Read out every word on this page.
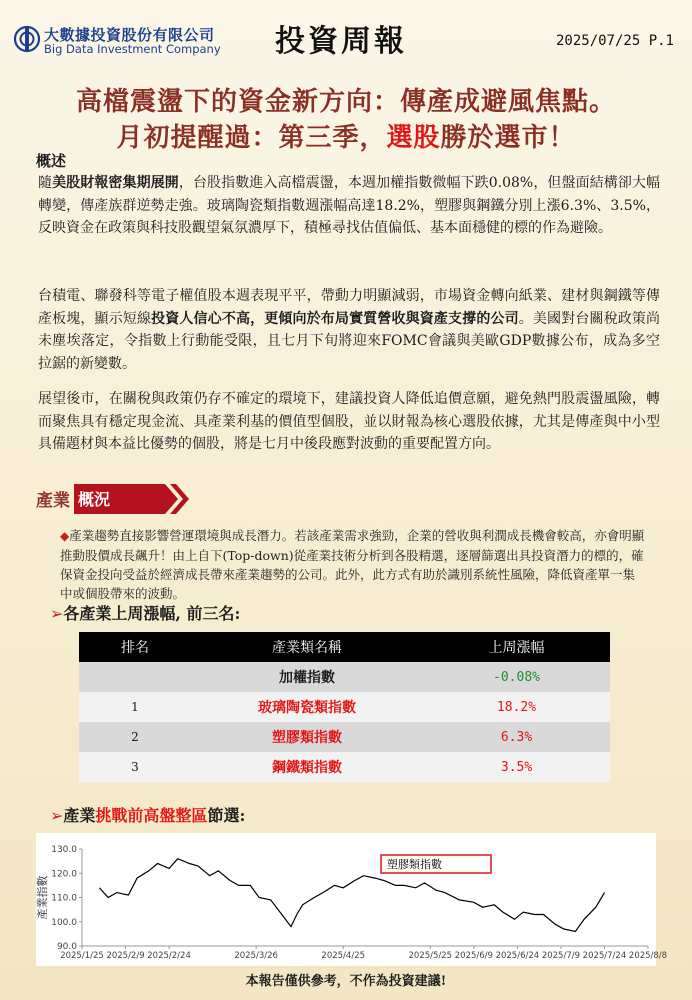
大數據投資股份有限公司
Big Data Investment Company 投資周報	2025/07/25 P.1
高檔震盪下的資金新方向：傳產成避風焦點。
月初提醒過：第三季，選股勝於選市！
概述
隨美股財報密集期展開，台股指數進入高檔震盪，本週加權指數微幅下跌0.08%，但盤面結構卻大幅轉變，傳產族群逆勢走強。玻璃陶瓷類指數週漲幅高達18.2%，塑膠與鋼鐵分別上漲6.3%、3.5%，反映資金在政策與科技股觀望氣氛濃厚下，積極尋找估值偏低、基本面穩健的標的作為避險。
台積電、聯發科等電子權值股本週表現平平，帶動力明顯減弱，市場資金轉向紙業、建材與鋼鐵等傳產板塊，顯示短線投資人信心不高，更傾向於布局實質營收與資產支撐的公司。美國對台關稅政策尚未塵埃落定，令指數上行動能受限，且七月下旬將迎來FOMC會議與美歐GDP數據公布，成為多空拉鋸的新變數。
展望後市，在關稅與政策仍存不確定的環境下，建議投資人降低追價意願，避免熱門股震盪風險，轉而聚焦具有穩定現金流、具產業利基的價值型個股，並以財報為核心選股依據，尤其是傳產與中小型具備題材與本益比優勢的個股，將是七月中後段應對波動的重要配置方向。
產業 概況
◆產業趨勢直接影響營運環境與成長潛力。若該產業需求強勁，企業的營收與利潤成長機會較高，亦會明顯推動股價成長飆升！由上自下(Top-down)從產業技術分析到各股精選，逐層篩選出具投資潛力的標的，確保資金投向受益於經濟成長帶來產業趨勢的公司。此外，此方式有助於識別系統性風險，降低資產單一集中或個股帶來的波動。
➢各產業上周漲幅, 前三名:
排名	產業類名稱	上周漲幅
	加權指數	-0.08%
1	玻璃陶瓷類指數	18.2%
2	塑膠類指數	6.3%
3	鋼鐵類指數	3.5%
➢產業挑戰前高盤整區節選:
90.0
100.0
110.0
120.0
130.0
2025/1/25 2025/2/9 2025/2/24	2025/3/26	2025/4/25	2025/5/25 2025/6/9 2025/6/24 2025/7/9 2025/7/24 2025/8/8
產業指數
塑膠類指數
本報告僅供參考，不作為投資建議!
